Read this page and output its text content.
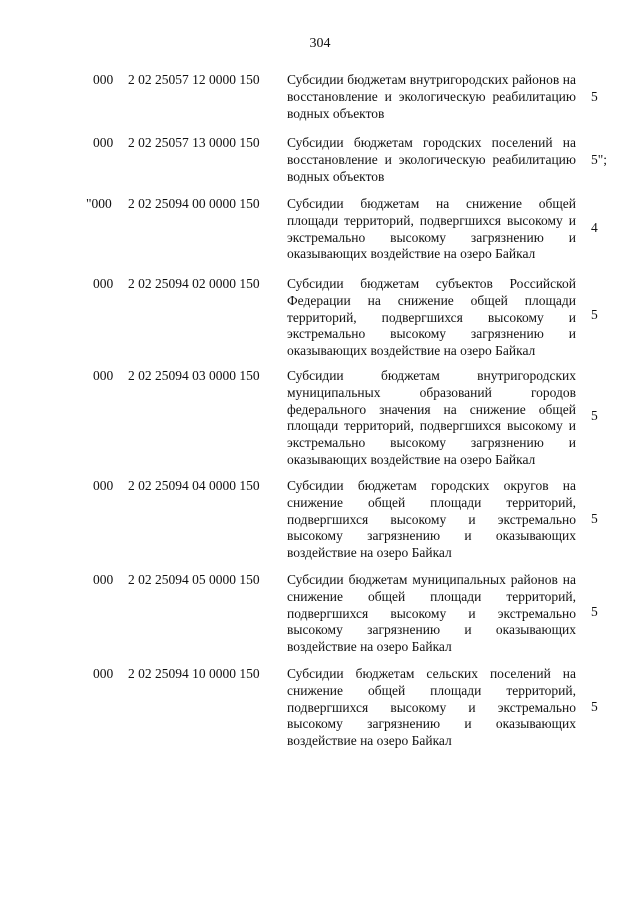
304
000 2 02 25057 12 0000 150 Субсидии бюджетам внутригородских районов на восстановление и экологическую реабилитацию водных объектов
5
000 2 02 25057 13 0000 150 Субсидии бюджетам городских поселений на восстановление и экологическую реабилитацию водных объектов
5";
"000 2 02 25094 00 0000 150 Субсидии бюджетам на снижение общей площади территорий, подвергшихся высокому и экстремально высокому загрязнению и оказывающих воздействие на озеро Байкал
4
000 2 02 25094 02 0000 150 Субсидии бюджетам субъектов Российской Федерации на снижение общей площади территорий, подвергшихся высокому и экстремально высокому загрязнению и оказывающих воздействие на озеро Байкал
5
000 2 02 25094 03 0000 150 Субсидии бюджетам внутригородских муниципальных образований городов федерального значения на снижение общей площади территорий, подвергшихся высокому и экстремально высокому загрязнению и оказывающих воздействие на озеро Байкал
5
000 2 02 25094 04 0000 150 Субсидии бюджетам городских округов на снижение общей площади территорий, подвергшихся высокому и экстремально высокому загрязнению и оказывающих воздействие на озеро Байкал
5
000 2 02 25094 05 0000 150 Субсидии бюджетам муниципальных районов на снижение общей площади территорий, подвергшихся высокому и экстремально высокому загрязнению и оказывающих воздействие на озеро Байкал
5
000 2 02 25094 10 0000 150 Субсидии бюджетам сельских поселений на снижение общей площади территорий, подвергшихся высокому и экстремально высокому загрязнению и оказывающих воздействие на озеро Байкал
5
